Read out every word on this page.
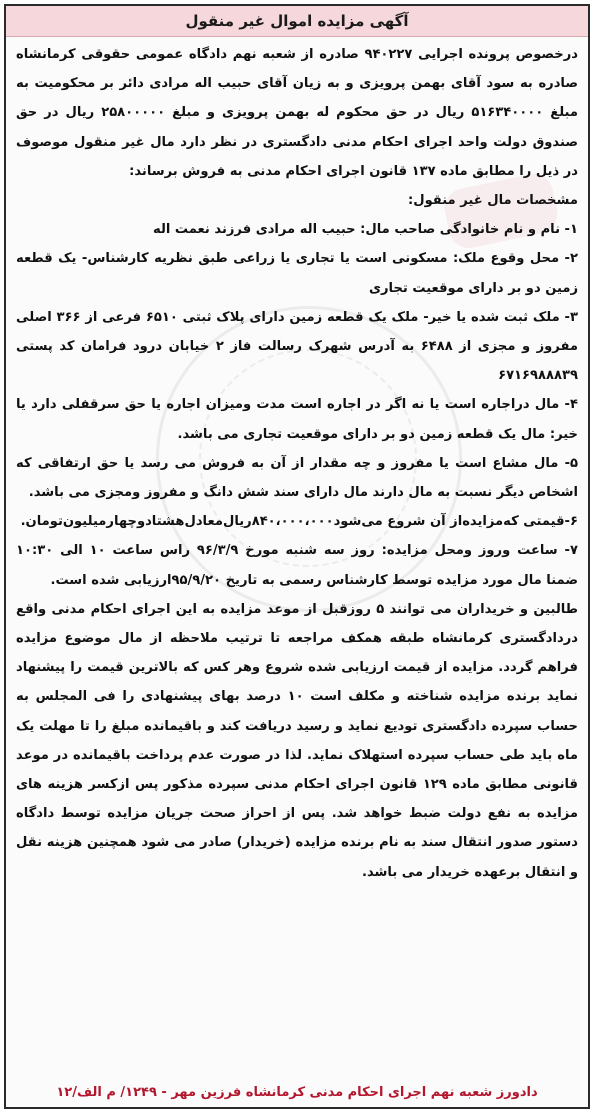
آگهی مزایده اموال غیر منقول

درخصوص پرونده اجرایی ۹۴۰۲۲۷ صادره از شعبه نهم دادگاه عمومی حقوقی کرمانشاه صادره به سود آقای بهمن پرویزی و به زیان آقای حبیب اله مرادی دائر بر محکومیت به مبلغ ۵۱۶۳۴۰۰۰۰ ریال در حق محکوم له بهمن پرویزی و مبلغ ۲۵۸۰۰۰۰۰ ریال در حق صندوق دولت واحد اجرای احکام مدنی دادگستری در نظر دارد مال غیر منقول موصوف در ذیل را مطابق ماده ۱۳۷ قانون اجرای احکام مدنی به فروش برساند:

مشخصات مال غیر منقول:

۱- نام و نام خانوادگی صاحب مال: حبیب اله مرادی فرزند نعمت اله

۲- محل وقوع ملک: مسکونی است یا تجاری یا زراعی طبق نظریه کارشناس- یک قطعه زمین دو بر دارای موقعیت تجاری

۳- ملک ثبت شده یا خیر- ملک یک قطعه زمین دارای پلاک ثبتی ۶۵۱۰ فرعی از ۳۶۶ اصلی مفروز و مجزی از ۶۴۸۸ به آدرس شهرک رسالت فاز ۲ خیابان درود فرامان کد پستی ۶۷۱۶۹۸۸۸۳۹

۴- مال دراجاره است یا نه اگر در اجاره است مدت ومیزان اجاره یا حق سرقفلی دارد یا خیر: مال یک قطعه زمین دو بر دارای موقعیت تجاری می باشد.

۵- مال مشاع است یا مفروز و چه مقدار از آن به فروش می رسد یا حق ارتفاقی که اشخاص دیگر نسبت به مال دارند مال دارای سند شش دانگ و مفروز ومجزی می باشد.

۶-قیمتی که‌مزایده‌از آن شروع می‌شود۸۴۰،۰۰۰،۰۰۰ریال‌معادل‌هشتادوچهارمیلیون‌تومان.

۷- ساعت وروز ومحل مزایده: روز سه شنبه مورخ ۹۶/۳/۹ راس ساعت ۱۰ الی ۱۰:۳۰ ضمنا مال مورد مزایده توسط کارشناس رسمی به تاریخ ۹۵/۹/۲۰ارزیابی شده است.

طالبین و خریداران می توانند ۵ روزقبل از موعد مزایده به این اجرای احکام مدنی واقع دردادگستری کرمانشاه طبقه همکف مراجعه تا ترتیب ملاحظه از مال موضوع مزایده فراهم گردد. مزایده از قیمت ارزیابی شده شروع وهر کس که بالاترین قیمت را پیشنهاد نماید برنده مزایده شناخته و مکلف است ۱۰ درصد بهای پیشنهادی را فی المجلس به حساب سپرده دادگستری تودیع نماید و رسید دریافت کند و باقیمانده مبلغ را تا مهلت یک ماه باید طی حساب سپرده استهلاک نماید. لذا در صورت عدم پرداخت باقیمانده در موعد قانونی مطابق ماده ۱۲۹ قانون اجرای احکام مدنی سپرده مذکور پس ازکسر هزینه های مزایده به نفع دولت ضبط خواهد شد. پس از احراز صحت جریان مزایده توسط دادگاه دستور صدور انتقال سند به نام برنده مزایده (خریدار) صادر می شود همچنین هزینه نقل و انتقال برعهده خریدار می باشد.

دادورز شعبه نهم اجرای احکام مدنی کرمانشاه فرزین مهر - ۱۲۴۹/ م الف/۱۲
